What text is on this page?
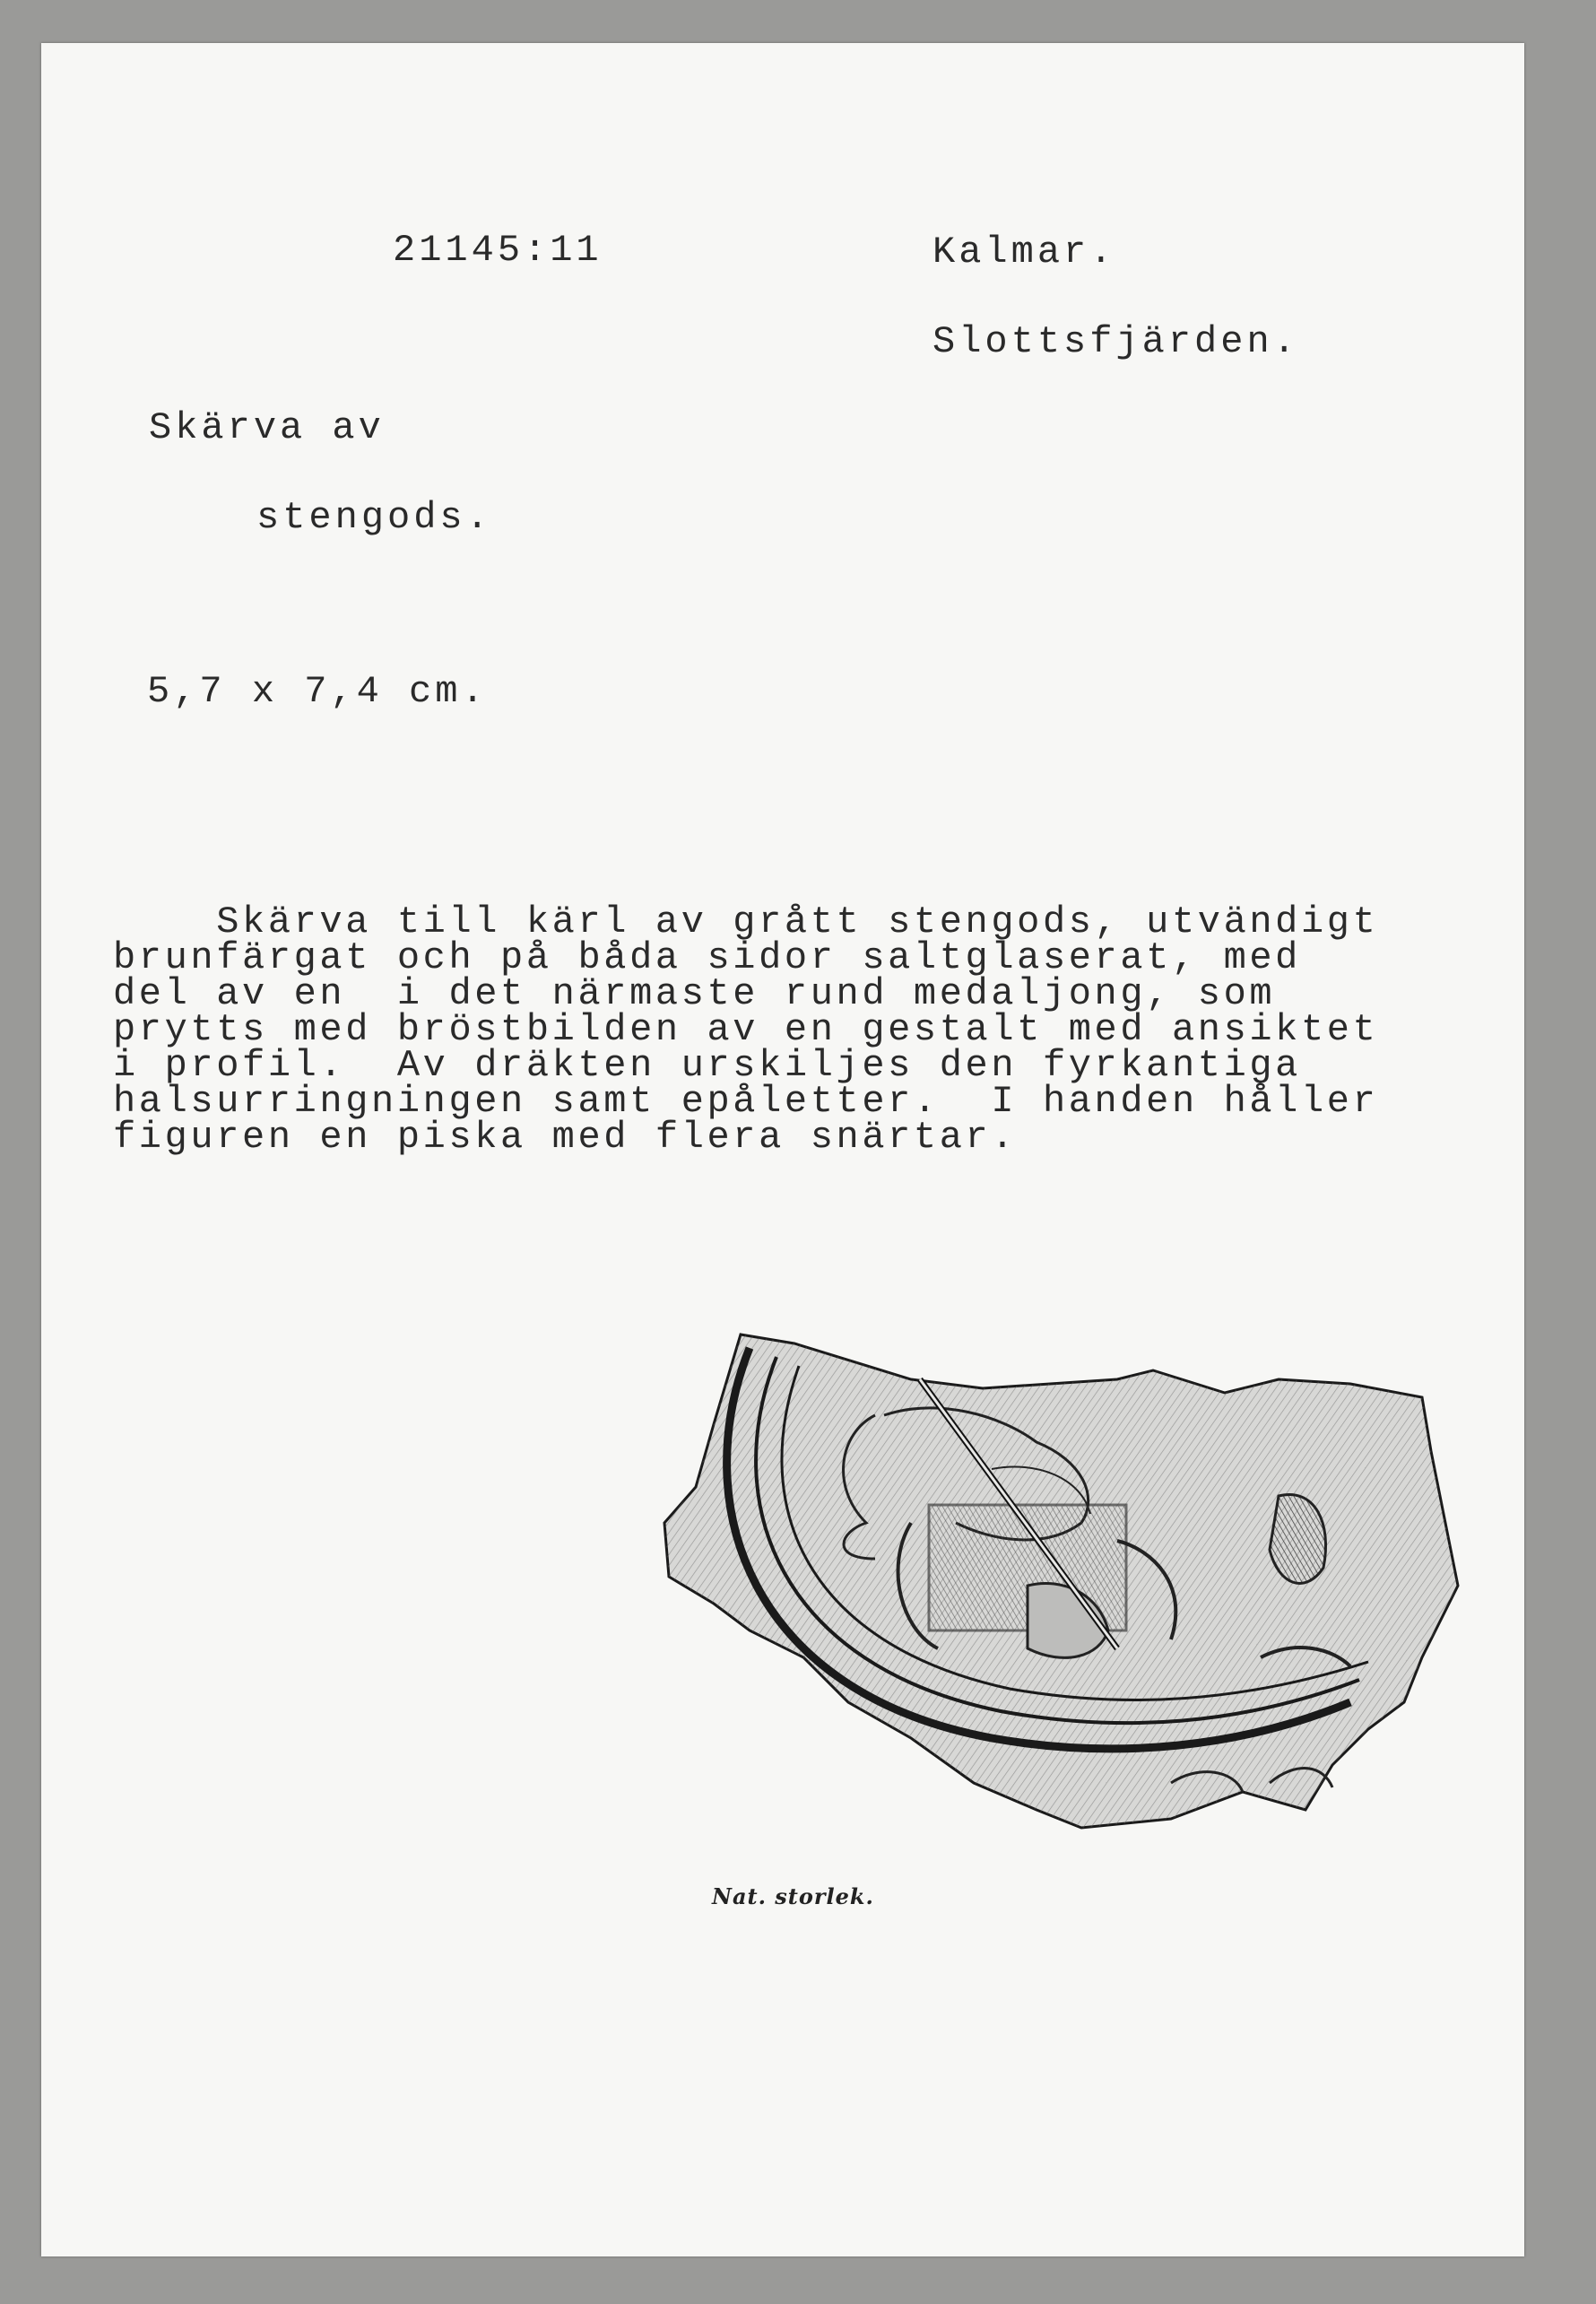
21145:11	Kalmar.
Slottsfjärden.
Skärva av
stengods.
5,7 x 7,4 cm.
Skärva till kärl av grått stengods, utvändigt
brunfärgat och på båda sidor saltglaserat, med
del av en  i det närmaste rund medaljong, som
prytts med bröstbilden av en gestalt med ansiktet
i profil.  Av dräkten urskiljes den fyrkantiga
halsurringningen samt epåletter.  I handen håller
figuren en piska med flera snärtar.
Nat. storlek.
